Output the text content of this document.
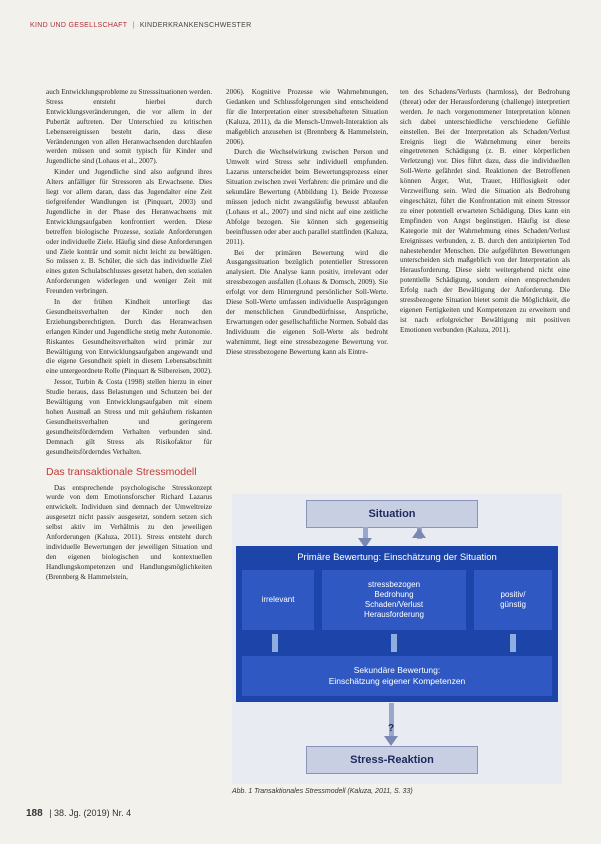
KIND UND GESELLSCHAFT | KINDERKRANKENSCHWESTER

auch Entwicklungsprobleme zu Stresssituationen werden. Stress entsteht hierbei durch Entwicklungsveränderungen, die vor allem in der Pubertät auftreten. Der Unterschied zu kritischen Lebensereignissen besteht darin, dass diese Veränderungen von allen Heranwachsenden durchlaufen werden müssen und somit typisch für Kinder und Jugendliche sind (Lohaus et al., 2007).

Kinder und Jugendliche sind also aufgrund ihres Alters anfälliger für Stressoren als Erwachsene. Dies liegt vor allem daran, dass das Jugendalter eine Zeit tiefgreifender Wandlungen ist (Pinquart, 2003) und Jugendliche in der Phase des Heranwachsens mit Entwicklungsaufgaben konfrontiert werden. Diese betreffen biologische Prozesse, soziale Anforderungen oder individuelle Ziele. Häufig sind diese Anforderungen und Ziele konträr und somit nicht leicht zu bewältigen. So müssen z. B. Schüler, die sich das individuelle Ziel eines guten Schulabschlusses gesetzt haben, den sozialen Anforderungen widerlegen und weniger Zeit mit Freunden verbringen.

In der frühen Kindheit unterliegt das Gesundheitsverhalten der Kinder noch den Erziehungsberechtigten. Durch das Heranwachsen erlangen Kinder und Jugendliche stetig mehr Autonomie. Riskantes Gesundheitsverhalten wird primär zur Bewältigung von Entwicklungsaufgaben angewandt und die eigene Gesundheit spielt in diesem Lebensabschnitt eine untergeordnete Rolle (Pinquart & Silbereisen, 2002).

Jessor, Turbin & Costa (1998) stellen hierzu in einer Studie heraus, dass Belastungen und Schutzen bei der Bewältigung von Entwicklungsaufgaben mit einem hohen Ausmaß an Stress und mit gehäuftem riskanten Gesundheitsverhalten und geringerem gesundheitsförderndem Verhalten verbunden sind. Demnach gilt Stress als Risikofaktor für gesundheitsförderndes Verhalten.

Das transaktionale Stressmodell

Das entsprechende psychologische Stresskonzept wurde von dem Emotionsforscher Richard Lazarus entwickelt. Individuen sind demnach der Umweltreize ausgesetzt nicht passiv ausgesetzt, sondern setzen sich selbst aktiv im Verhältnis zu den jeweiligen Anforderungen (Kaluza, 2011). Stress entsteht durch individuelle Bewertungen der jeweiligen Situation und den eigenen biologischen und kontextuellen Handlungskompetenzen und Handlungsmöglichkeiten (Brennberg & Hammelstein,

2006). Kognitive Prozesse wie Wahrnehmungen, Gedanken und Schlussfolgerungen sind entscheidend für die Interpretation einer stressbehafteten Situation (Kaluza, 2011), da die Mensch-Umwelt-Interaktion als maßgeblich anzusehen ist (Brennberg & Hammelstein, 2006).

Durch die Wechselwirkung zwischen Person und Umwelt wird Stress sehr individuell empfunden. Lazarus unterscheidet beim Bewertungsprozess einer Situation zwischen zwei Verfahren: die primäre und die sekundäre Bewertung (Abbildung 1). Beide Prozesse müssen jedoch nicht zwangsläufig bewusst ablaufen (Lohaus et al., 2007) und sind nicht auf eine zeitliche Abfolge bezogen. Sie können sich gegenseitig beeinflussen oder aber auch parallel stattfinden (Kaluza, 2011).

Bei der primären Bewertung wird die Ausgangssituation bezüglich potentieller Stressoren analysiert. Die Analyse kann positiv, irrelevant oder stressbezogen ausfallen (Lohaus & Domsch, 2009). Sie erfolgt vor dem Hintergrund persönlicher Soll-Werte. Diese Soll-Werte umfassen individuelle Ausprägungen der menschlichen Grundbedürfnisse, Ansprüche, Erwartungen oder gesellschaftliche Normen. Sobald das Individuum die eigenen Soll-Werte als bedroht wahrnimmt, liegt eine stressbezogene Bewertung vor. Diese stressbezogene Bewertung kann als Eintre-

ten des Schadens/Verlusts (harmloss), der Bedrohung (threat) oder der Herausforderung (challenge) interpretiert werden. Je nach vorgenommener Interpretation können sich dabei unterschiedliche verschiedene Gefühle einstellen. Bei der Interpretation als Schaden/Verlust Ereignis liegt die Wahrnehmung einer bereits eingetretenen Schädigung (z. B. einer körperlichen Verletzung) vor. Dies führt dazu, dass die individuellen Soll-Werte gefährdet sind. Reaktionen der Betroffenen können Ärger, Wut, Trauer, Hilflosigkeit oder Verzweiflung sein. Wird die Situation als Bedrohung eingeschätzt, führt die Konfrontation mit einem Stressor zu einer potentiell erwarteten Schädigung. Dies kann ein Empfinden von Angst begünstigen. Häufig ist diese Kategorie mit der Wahrnehmung eines Schaden/Verlust Ereignisses verbunden, z. B. durch den antizipierten Tod nahestehender Menschen. Die aufgeführten Bewertungen unterscheiden sich maßgeblich von der Interpretation als Herausforderung. Diese sieht weitergehend nicht eine potentielle Schädigung, sondern einen entsprechenden Erfolg nach der Bewältigung der Anforderung. Die stressbezogene Situation bietet somit die Möglichkeit, die eigenen Fertigkeiten und Kompetenzen zu erweitern und ist nach erfolgreicher Bewältigung mit positiven Emotionen verbunden (Kaluza, 2011).

Situation
Primäre Bewertung: Einschätzung der Situation
irrelevant
stressbezogen
Bedrohung
Schaden/Verlust
Herausforderung
positiv/
günstig
Sekundäre Bewertung:
Einschätzung eigener Kompetenzen
?
Stress-Reaktion
Abb. 1 Transaktionales Stressmodell (Kaluza, 2011, S. 33)
188 | 38. Jg. (2019) Nr. 4
